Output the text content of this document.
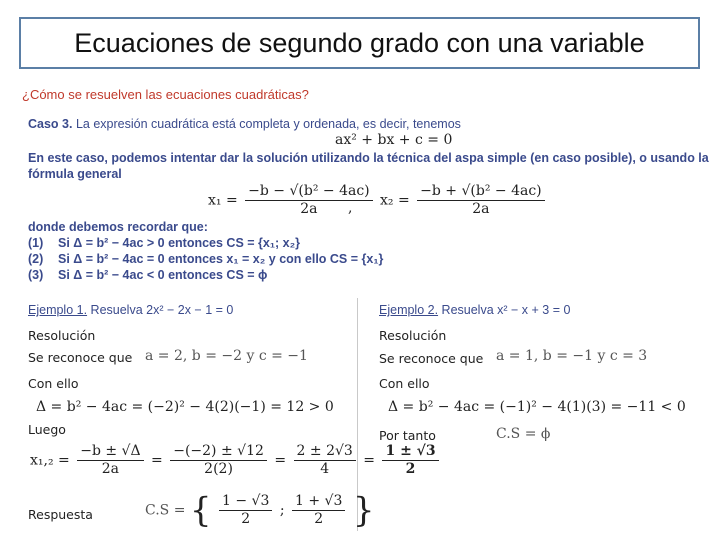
Ecuaciones de segundo grado con una variable
¿Cómo se resuelven las ecuaciones cuadráticas?
Caso 3. La expresión cuadrática está completa y ordenada, es decir, tenemos
ax² + bx + c = 0
En este caso, podemos intentar dar la solución utilizando la técnica del aspa simple (en caso posible), o usando la
fórmula general
$x_1 = \frac{\text{−b − √(b² − 4ac)}}{2a}$
, $x_2 = \frac{\text{−b + √(b² − 4ac)}}{2a}$
donde debemos recordar que:
(1) Si Δ = b² − 4ac > 0 entonces CS = {x₁; x₂}
(2) Si Δ = b² − 4ac = 0 entonces x₁ = x₂ y con ello CS = {x₁}
(3) Si Δ = b² − 4ac < 0 entonces CS = ϕ
Ejemplo 1. Resuelva 2x² − 2x − 1 = 0
Resolución
Se reconoce que a = 2, b = −2 y c = −1
Con ello
Δ = b² − 4ac = (−2)² − 4(2)(−1) = 12 > 0
Luego
$x_1,_2 = \frac{-b \pm √\Delta}{2a} = \frac{-(-2) \pm √12}{2(2)} = \frac{2 \pm 2√3}{4} = \frac{1 \pm √3}{2}$
Respuesta	C.S = { $\frac{1 - √3}{2}$ ; $\frac{1 + √3}{2}$ }
Ejemplo 2. Resuelva x² − x + 3 = 0
Resolución
Se reconoce que a = 1, b = −1 y c = 3
Con ello
Δ = b² − 4ac = (−1)² − 4(1)(3) = −11 < 0
Por tanto	C.S = ϕ
